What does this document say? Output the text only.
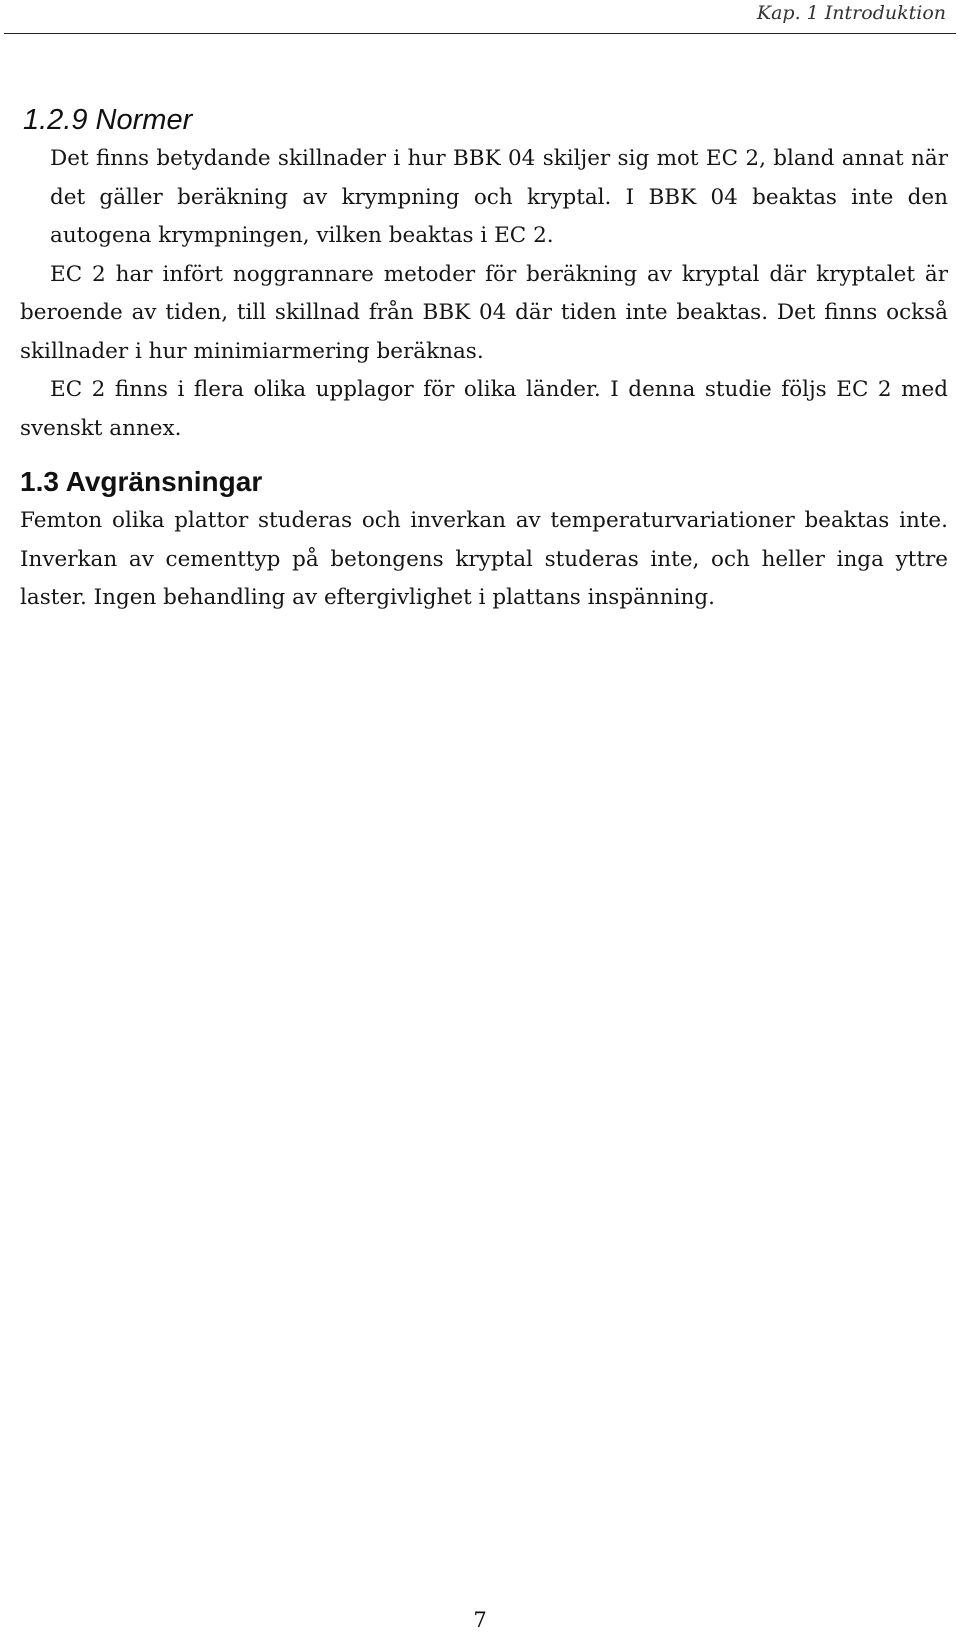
Kap. 1 Introduktion
1.2.9 Normer

Det finns betydande skillnader i hur BBK 04 skiljer sig mot EC 2, bland annat när det gäller beräkning av krympning och kryptal. I BBK 04 beaktas inte den autogena krympningen, vilken beaktas i EC 2.

EC 2 har infört noggrannare metoder för beräkning av kryptal där kryptalet är beroende av tiden, till skillnad från BBK 04 där tiden inte beaktas. Det finns också skillnader i hur minimiarmering beräknas.

EC 2 finns i flera olika upplagor för olika länder. I denna studie följs EC 2 med svenskt annex.

1.3 Avgränsningar

Femton olika plattor studeras och inverkan av temperaturvariationer beaktas inte. Inverkan av cementtyp på betongens kryptal studeras inte, och heller inga yttre laster. Ingen behandling av eftergivlighet i plattans inspänning.

7
